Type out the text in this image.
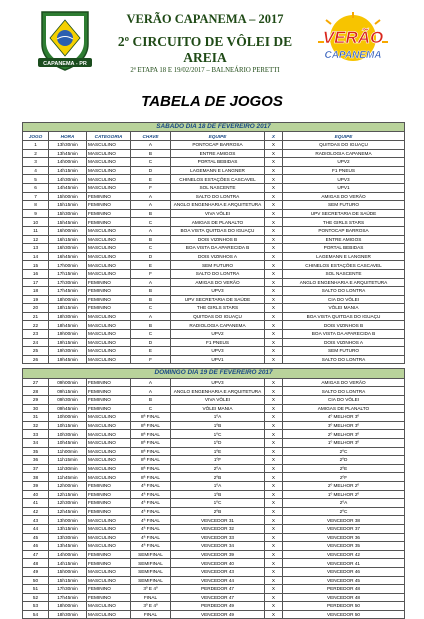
CAPANEMA - PR
VERÃO CAPANEMA – 2017
2º CIRCUITO DE VÔLEI DE AREIA
2ª ETAPA 18 E 19/02/2017 – BALNEÁRIO PERETTI
VERÃO
CAPANEMA
TABELA DE JOGOS
SABADO DIA 18 DE FEVEREIRO 2017						
JOGO	HORA	CATEGORIA	CHAVE	EQUIPE	X	EQUIPE
1	13h30min	MASCULINO	A	PONTOCAP BARROSA	X	QUITDAS DO IGUAÇU
2	13h45min	MASCULINO	B	ENTRE AMIGOS	X	RADIOLOGIA CAPANEMA
3	14h00min	MASCULINO	C	PORTAL BEBIDAS	X	UPV2
4	14h15min	MASCULINO	D	LAGEMANN E LANGNER	X	F1 PNEUS
5	14h30min	MASCULINO	E	CHINELOS ESTAÇÕES CASCAVEL	X	UPV3
6	14h45min	MASCULINO	F	SOL NASCENTE	X	UPV1
7	15h00min	FEMININO	A	SALTO DO LONTRA	X	AMIGAS DO VERÃO
8	15h15min	FEMININO	A	ANGLO ENGENHARIA E ARQUITETURA	X	SEM FUTURO
9	15h30min	FEMININO	B	VIVA VÔLEI	X	UPV SECRETARIA DE SAÚDE
10	15h45min	FEMININO	C	AMIGAS DE PLANALTO	X	THE GIRLS STARS
11	16h00min	MASCULINO	A	BOA VISTA QUITDAS DO IGUAÇU	X	PONTOCAP BARROSA
12	16h15min	MASCULINO	B	DOIS VIZINHOS B	X	ENTRE AMIGOS
13	16h30min	MASCULINO	C	BOA VISTA DA APARECIDA B	X	PORTAL BEBIDAS
14	16h45min	MASCULINO	D	DOIS VIZINHOS A	X	LAGEMANN E LANGNER
15	17h00min	MASCULINO	E	SEM FUTURO	X	CHINELOS ESTAÇÕES CASCAVEL
16	17h15min	MASCULINO	F	SALTO DO LONTRA	X	SOL NASCENTE
17	17h30min	FEMININO	A	AMIGAS DO VERÃO	X	ANGLO ENGENHARIA E ARQUITETURA
18	17h45min	FEMININO	B	UPV3	X	SALTO DO LONTRA
19	18h00min	FEMININO	B	UPV SECRETARIA DE SAÚDE	X	CIA DO VÔLEI
20	18h15min	FEMININO	C	THE GIRLS STARS	X	VÔLEI MANIA
21	18h30min	MASCULINO	A	QUITDAS DO IGUAÇU	X	BOA VISTA QUITDAS DO IGUAÇU
22	18h45min	MASCULINO	B	RADIOLOGIA CAPANEMA	X	DOIS VIZINHOS B
23	19h00min	MASCULINO	C	UPV2	X	BOA VISTA DA APARECIDA B
24	19h15min	MASCULINO	D	F1 PNEUS	X	DOIS VIZINHOS A
25	19h30min	MASCULINO	E	UPV3	X	SEM FUTURO
26	19h45min	MASCULINO	F	UPV1	X	SALTO DO LONTRA

DOMINGO DIA 19 DE FEVEREIRO 2017						
27	09h00min	FEMININO	A	UPV3	X	AMIGAS DO VERÃO
28	09h15min	FEMININO	A	ANGLO ENGENHARIA E ARQUITETURA	X	SALTO DO LONTRA
29	09h30min	FEMININO	B	VIVA VÔLEI	X	CIA DO VÔLEI
30	09h45min	FEMININO	C	VÔLEI MANIA	X	AMIGAS DE PLANALTO
31	10h00min	MASCULINO	8ª FINAL	1ºA	X	4º MELHOR 3º
32	10h15min	MASCULINO	8ª FINAL	1ºB	X	3º MELHOR 3º
33	10h30min	MASCULINO	8ª FINAL	1ºC	X	2º MELHOR 3º
34	10h45min	MASCULINO	8ª FINAL	1ºD	X	1º MELHOR 3º
35	11h00min	MASCULINO	8ª FINAL	1ºE	X	2ºC
36	11h15min	MASCULINO	8ª FINAL	1ºF	X	2ºD
37	11h30min	MASCULINO	8ª FINAL	2ºA	X	2ºE
38	11h45min	MASCULINO	8ª FINAL	2ºB	X	2ºF
39	12h00min	FEMININO	4ª FINAL	1ºA	X	2º MELHOR 2º
40	12h15min	FEMININO	4ª FINAL	1ºB	X	1º MELHOR 2º
41	12h30min	FEMININO	4ª FINAL	1ºC	X	2ºA
42	12h45min	FEMININO	4ª FINAL	2ºB	X	2ºC
43	13h00min	MASCULINO	4ª FINAL	VENCEDOR 31	X	VENCEDOR 38
44	13h15min	MASCULINO	4ª FINAL	VENCEDOR 32	X	VENCEDOR 37
45	13h30min	MASCULINO	4ª FINAL	VENCEDOR 33	X	VENCEDOR 36
46	13h45min	MASCULINO	4ª FINAL	VENCEDOR 34	X	VENCEDOR 35
47	14h00min	FEMININO	SEMIFINAL	VENCEDOR 39	X	VENCEDOR 42
48	14h15min	FEMININO	SEMIFINAL	VENCEDOR 40	X	VENCEDOR 41
49	15h00min	MASCULINO	SEMIFINAL	VENCEDOR 43	X	VENCEDOR 46
50	15h15min	MASCULINO	SEMIFINAL	VENCEDOR 44	X	VENCEDOR 45
51	17h30min	FEMININO	3º E 4º	PERDEDOR 47	X	PERDEDOR 48
52	17h45min	FEMININO	FINAL	VENCEDOR 47	X	VENCEDOR 48
53	18h00min	MASCULINO	3º E 4º	PERDEDOR 49	X	PERDEDOR 50
54	18h30min	MASCULINO	FINAL	VENCEDOR 49	X	VENCEDOR 50
